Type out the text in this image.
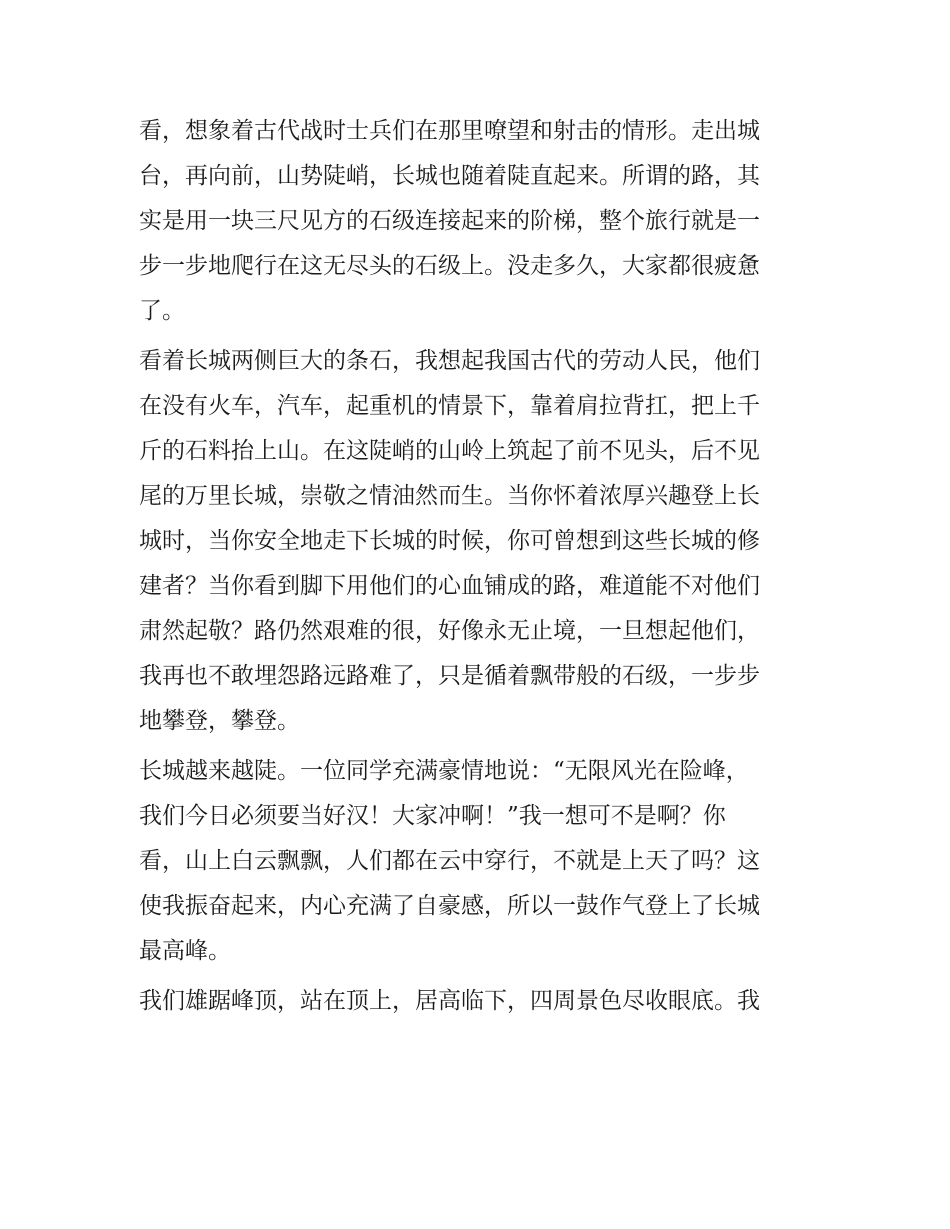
看，想象着古代战时士兵们在那里嘹望和射击的情形。走出城
台，再向前，山势陡峭，长城也随着陡直起来。所谓的路，其
实是用一块三尺见方的石级连接起来的阶梯，整个旅行就是一
步一步地爬行在这无尽头的石级上。没走多久，大家都很疲惫
了。
看着长城两侧巨大的条石，我想起我国古代的劳动人民，他们
在没有火车，汽车，起重机的情景下，靠着肩拉背扛，把上千
斤的石料抬上山。在这陡峭的山岭上筑起了前不见头，后不见
尾的万里长城，崇敬之情油然而生。当你怀着浓厚兴趣登上长
城时，当你安全地走下长城的时候，你可曾想到这些长城的修
建者？当你看到脚下用他们的心血铺成的路，难道能不对他们
肃然起敬？路仍然艰难的很，好像永无止境，一旦想起他们，
我再也不敢埋怨路远路难了，只是循着飘带般的石级，一步步
地攀登，攀登。
长城越来越陡。一位同学充满豪情地说：“无限风光在险峰，
我们今日必须要当好汉！大家冲啊！”我一想可不是啊？你
看，山上白云飘飘，人们都在云中穿行，不就是上天了吗？这
使我振奋起来，内心充满了自豪感，所以一鼓作气登上了长城
最高峰。
我们雄踞峰顶，站在顶上，居高临下，四周景色尽收眼底。我
